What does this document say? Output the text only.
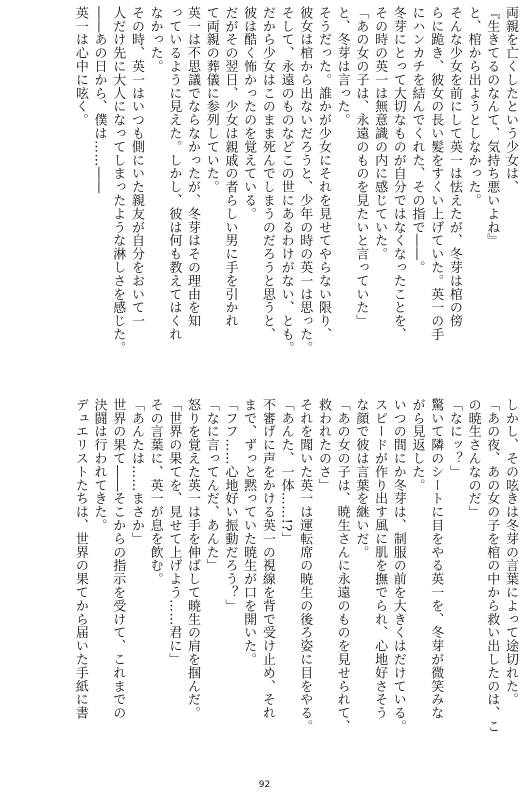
両親を亡くしたという少女は、
『生きてるのなんて、気持ち悪いよね』
と、棺から出ようとしなかった。
そんな少女を前にして英一は怯えたが、冬芽は棺の傍
らに跪き、彼女の長い髪をすくい上げていた。英一の手
にハンカチを結んでくれた、その指で――。
冬芽にとって大切なものが自分ではなくなったことを、
その時の英一は無意識の内に感じていた。
「あの女の子は、永遠のものを見たいと言っていた」
と、冬芽は言った。
そうだった。誰かが少女にそれを見せてやらない限り、
彼女は棺から出ないだろうと、少年の時の英一は思った。
そして、永遠のものなどこの世にあるわけがない、とも。
だから少女はこのまま死んでしまうのだろうと思うと、
彼は酷く怖かったのを覚えている。
だがその翌日、少女は親戚の者らしい男に手を引かれ
て両親の葬儀に参列していた。
英一は不思議でならなかったが、冬芽はその理由を知
っているように見えた。しかし、彼は何も教えてはくれ
なかった。
その時、英一はいつも側にいた親友が自分をおいて一
人だけ先に大人になってしまったような淋しさを感じた。
――あの日から、僕は……――
英一は心中に呟く。
しかし、その呟きは冬芽の言葉によって途切れた。
「あの夜、あの女の子を棺の中から救い出したのは、こ
の暁生さんなのだ」
「なにッ？」
驚いて隣のシートに目をやる英一を、冬芽が微笑みな
がら見返した。
いつの間にか冬芽は、制服の前を大きくはだけている。
スピードが作り出す風に肌を撫でられ、心地好さそう
な顔で彼は言葉を継いだ。
「あの女の子は、暁生さんに永遠のものを見せられて、
救われたのさ」
それを聞いた英一は運転席の暁生の後ろ姿に目をやる。
「あんた、一体……!?」
不審げに声をかける英一の視線を背で受け止め、それ
まで、ずっと黙っていた暁生が口を開いた。
「フフ……心地好い振動だろう？」
「なに言ってんだ、あんた」
怒りを覚えた英一は手を伸ばして暁生の肩を掴んだ。
「世界の果てを、見せて上げよう……君に」
その言葉に、英一が息を飲む。
「あんたは……まさか」
世界の果て――そこからの指示を受けて、これまでの
決闘は行われてきた。
デュエリストたちは、世界の果てから届いた手紙に書
92
